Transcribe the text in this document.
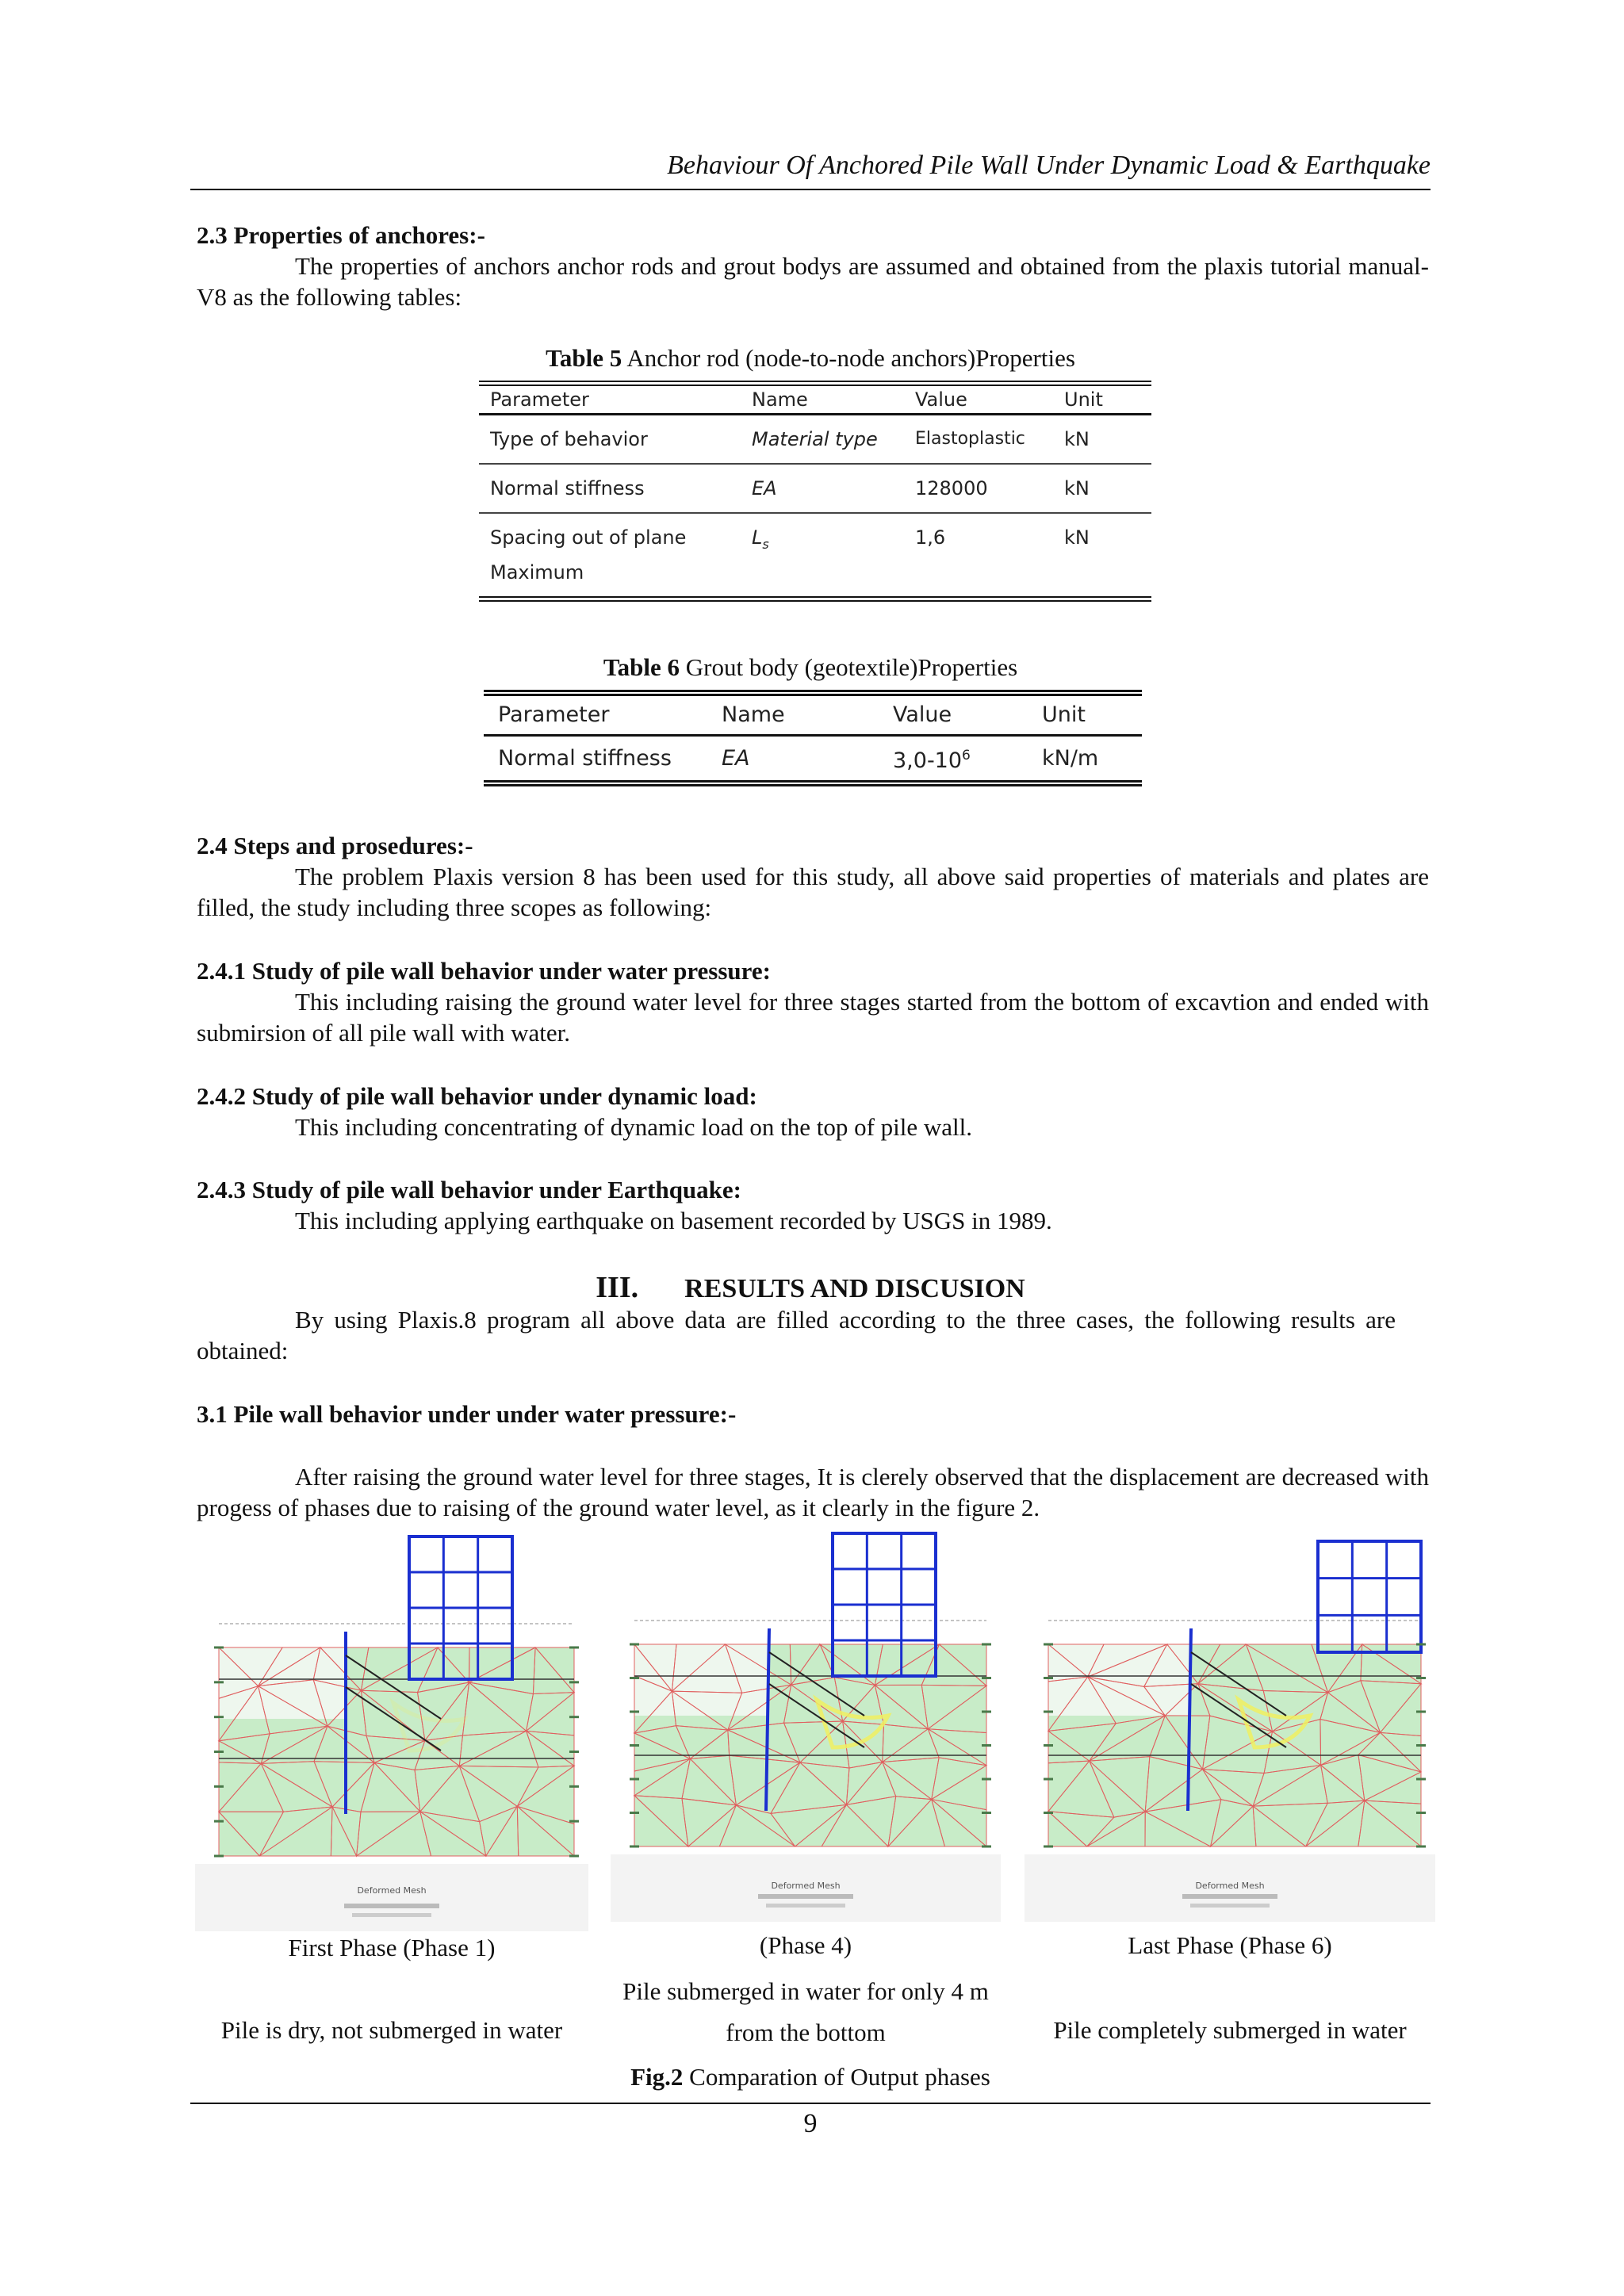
Behaviour Of Anchored Pile Wall Under Dynamic Load & Earthquake
2.3 Properties of anchores:-
The properties of anchors anchor rods and grout bodys are assumed and obtained from the plaxis tutorial manual-V8 as the following tables:
Table 5 Anchor rod (node-to-node anchors)Properties
Parameter	Name	Value	Unit
Type of behavior	Material type	Elastoplastic	kN
Normal stiffness	EA	128000	kN
Spacing out of plane Maximum	$L_s$	1,6	kN
Table 6 Grout body (geotextile)Properties
Parameter	Name	Value	Unit
Normal stiffness	EA	$3,0-10^6$	kN/m
2.4 Steps and prosedures:-
The problem Plaxis version 8 has been used for this study, all above said properties of materials and plates are filled, the study including three scopes as following:
2.4.1 Study of pile wall behavior under water pressure:
This including raising the ground water level for three stages started from the bottom of excavtion and ended with submirsion of all pile wall with water.
2.4.2 Study of pile wall behavior under dynamic load:
This including concentrating of dynamic load on the top of pile wall.
2.4.3 Study of pile wall behavior under Earthquake:
This including applying earthquake on basement recorded by USGS in 1989.
III. RESULTS AND DISCUSION
By using Plaxis.8 program all above data are filled according to the three cases, the following results are obtained:
3.1 Pile wall behavior under under water pressure:-
After raising the ground water level for three stages, It is clerely observed that the displacement are decreased with progess of phases due to raising of the ground water level, as it clearly in the figure 2.
Deformed Mesh	Deformed Mesh	Deformed Mesh
First Phase (Phase 1)
Pile is dry, not submerged in water
(Phase 4)
Pile submerged in water for only 4 m from the bottom
Last Phase (Phase 6)
Pile completely submerged in water
Fig.2 Comparation of Output phases
9
